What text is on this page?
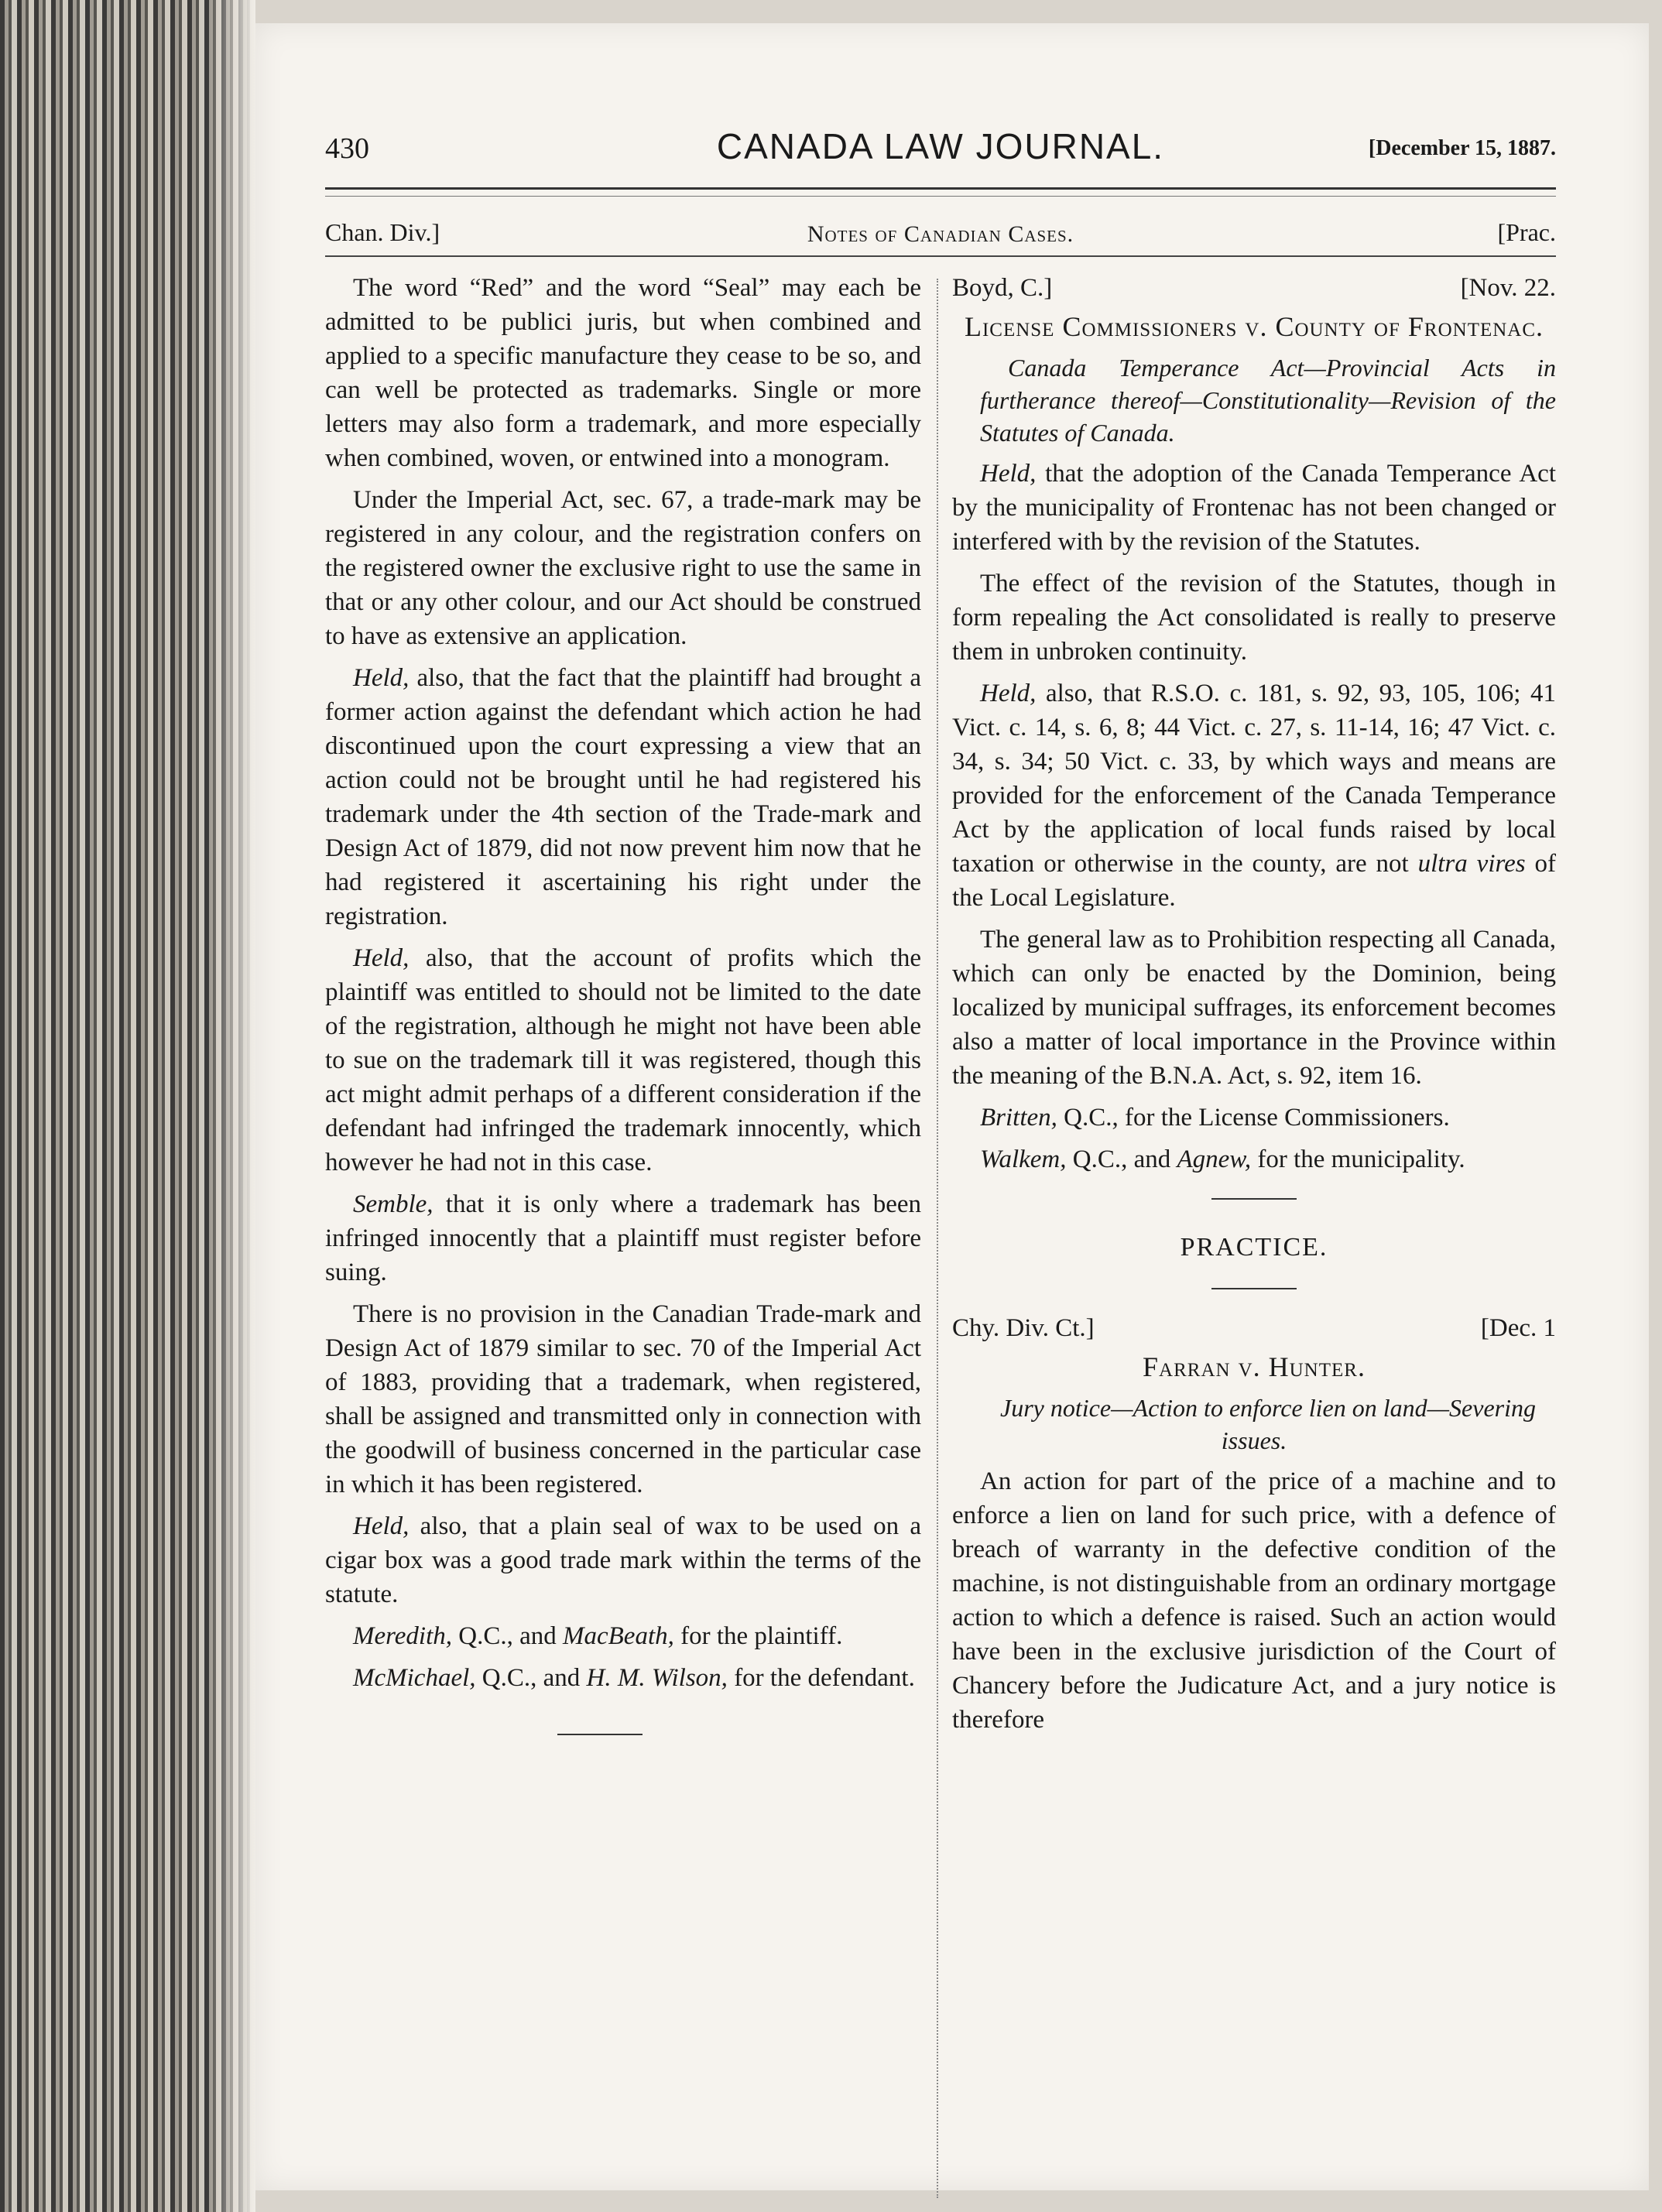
430	CANADA LAW JOURNAL.	[December 15, 1887.
Chan. Div.]	Notes of Canadian Cases.	[Prac.

The word “Red” and the word “Seal” may each be admitted to be publici juris, but when combined and applied to a specific manufacture they cease to be so, and can well be protected as trademarks. Single or more letters may also form a trademark, and more especially when combined, woven, or entwined into a monogram.

Under the Imperial Act, sec. 67, a trade-mark may be registered in any colour, and the registration confers on the registered owner the exclusive right to use the same in that or any other colour, and our Act should be construed to have as extensive an application.

Held, also, that the fact that the plaintiff had brought a former action against the defendant which action he had discontinued upon the court expressing a view that an action could not be brought until he had registered his trademark under the 4th section of the Trade-mark and Design Act of 1879, did not now prevent him now that he had registered it ascertaining his right under the registration.

Held, also, that the account of profits which the plaintiff was entitled to should not be limited to the date of the registration, although he might not have been able to sue on the trademark till it was registered, though this act might admit perhaps of a different consideration if the defendant had infringed the trademark innocently, which however he had not in this case.

Semble, that it is only where a trademark has been infringed innocently that a plaintiff must register before suing.

There is no provision in the Canadian Trade-mark and Design Act of 1879 similar to sec. 70 of the Imperial Act of 1883, providing that a trademark, when registered, shall be assigned and transmitted only in connection with the goodwill of business concerned in the particular case in which it has been registered.

Held, also, that a plain seal of wax to be used on a cigar box was a good trade mark within the terms of the statute.

Meredith, Q.C., and MacBeath, for the plaintiff.

McMichael, Q.C., and H. M. Wilson, for the defendant.

Boyd, C.]	[Nov. 22.
License Commissioners v. County of Frontenac.

Canada Temperance Act—Provincial Acts in furtherance thereof—Constitutionality—Revision of the Statutes of Canada.

Held, that the adoption of the Canada Temperance Act by the municipality of Frontenac has not been changed or interfered with by the revision of the Statutes.

The effect of the revision of the Statutes, though in form repealing the Act consolidated is really to preserve them in unbroken continuity.

Held, also, that R.S.O. c. 181, s. 92, 93, 105, 106; 41 Vict. c. 14, s. 6, 8; 44 Vict. c. 27, s. 11-14, 16; 47 Vict. c. 34, s. 34; 50 Vict. c. 33, by which ways and means are provided for the enforcement of the Canada Temperance Act by the application of local funds raised by local taxation or otherwise in the county, are not ultra vires of the Local Legislature.

The general law as to Prohibition respecting all Canada, which can only be enacted by the Dominion, being localized by municipal suffrages, its enforcement becomes also a matter of local importance in the Province within the meaning of the B.N.A. Act, s. 92, item 16.

Britten, Q.C., for the License Commissioners.

Walkem, Q.C., and Agnew, for the municipality.

PRACTICE.
Chy. Div. Ct.]	[Dec. 1
Farran v. Hunter.

Jury notice—Action to enforce lien on land—Severing issues.

An action for part of the price of a machine and to enforce a lien on land for such price, with a defence of breach of warranty in the defective condition of the machine, is not distinguishable from an ordinary mortgage action to which a defence is raised. Such an action would have been in the exclusive jurisdiction of the Court of Chancery before the Judicature Act, and a jury notice is therefore
